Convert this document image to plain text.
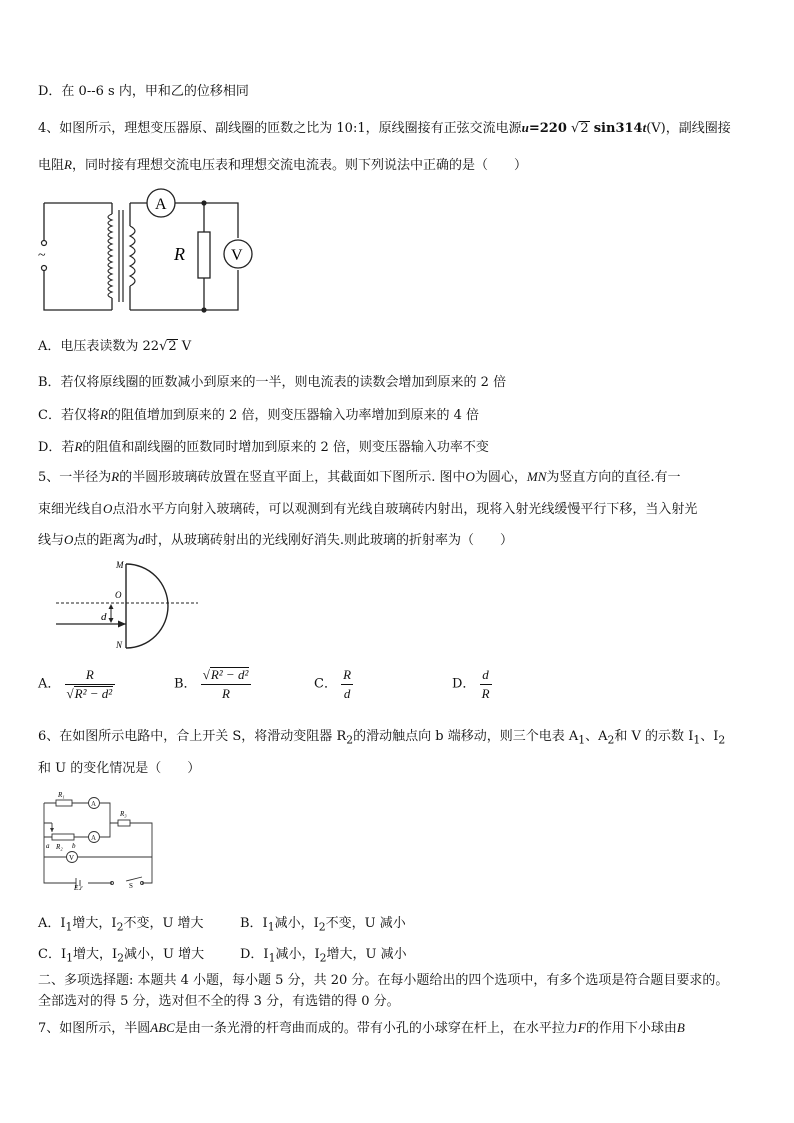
D．在 0--6 s 内，甲和乙的位移相同
4、如图所示，理想变压器原、副线圈的匝数之比为 10:1，原线圈接有正弦交流电源u=220 √2 sin314t(V)，副线圈接
电阻R，同时接有理想交流电压表和理想交流电流表。则下列说法中正确的是（　　）
~
A
V
R
A．电压表读数为 22√2 V
B．若仅将原线圈的匝数减小到原来的一半，则电流表的读数会增加到原来的 2 倍
C．若仅将R的阻值增加到原来的 2 倍，则变压器输入功率增加到原来的 4 倍
D．若R的阻值和副线圈的匝数同时增加到原来的 2 倍，则变压器输入功率不变
5、一半径为R的半圆形玻璃砖放置在竖直平面上，其截面如下图所示. 图中O为圆心，MN为竖直方向的直径.有一
束细光线自O点沿水平方向射入玻璃砖，可以观测到有光线自玻璃砖内射出，现将入射光线缓慢平行下移，当入射光
线与O点的距离为d时，从玻璃砖射出的光线刚好消失.则此玻璃的折射率为（　　）
M
O
d
N
A． $\frac{R}{\text{√R² − d²}}$	B． $\frac{\text{√R² − d²}}{R}$	C． $\frac{R}{d}$	D． $\frac{d}{R}$
6、在如图所示电路中，合上开关 S，将滑动变阻器 $R_2$的滑动触点向 b 端移动，则三个电表 $A_1$、$A_2$和 V 的示数 $I_1$、$I_2$
和 U 的变化情况是（　　）
A
A
R₁
R₃
a R₂ b
V
E,r	S
A．$I_1$增大，$I_2$不变，U 增大	B．$I_1$减小，$I_2$不变，U 减小
C．$I_1$增大，$I_2$减小，U 增大	D．$I_1$减小，$I_2$增大，U 减小
二、多项选择题: 本题共 4 小题，每小题 5 分，共 20 分。在每小题给出的四个选项中，有多个选项是符合题目要求的。
全部选对的得 5 分，选对但不全的得 3 分，有选错的得 0 分。
7、如图所示，半圆ABC是由一条光滑的杆弯曲而成的。带有小孔的小球穿在杆上，在水平拉力F的作用下小球由B
